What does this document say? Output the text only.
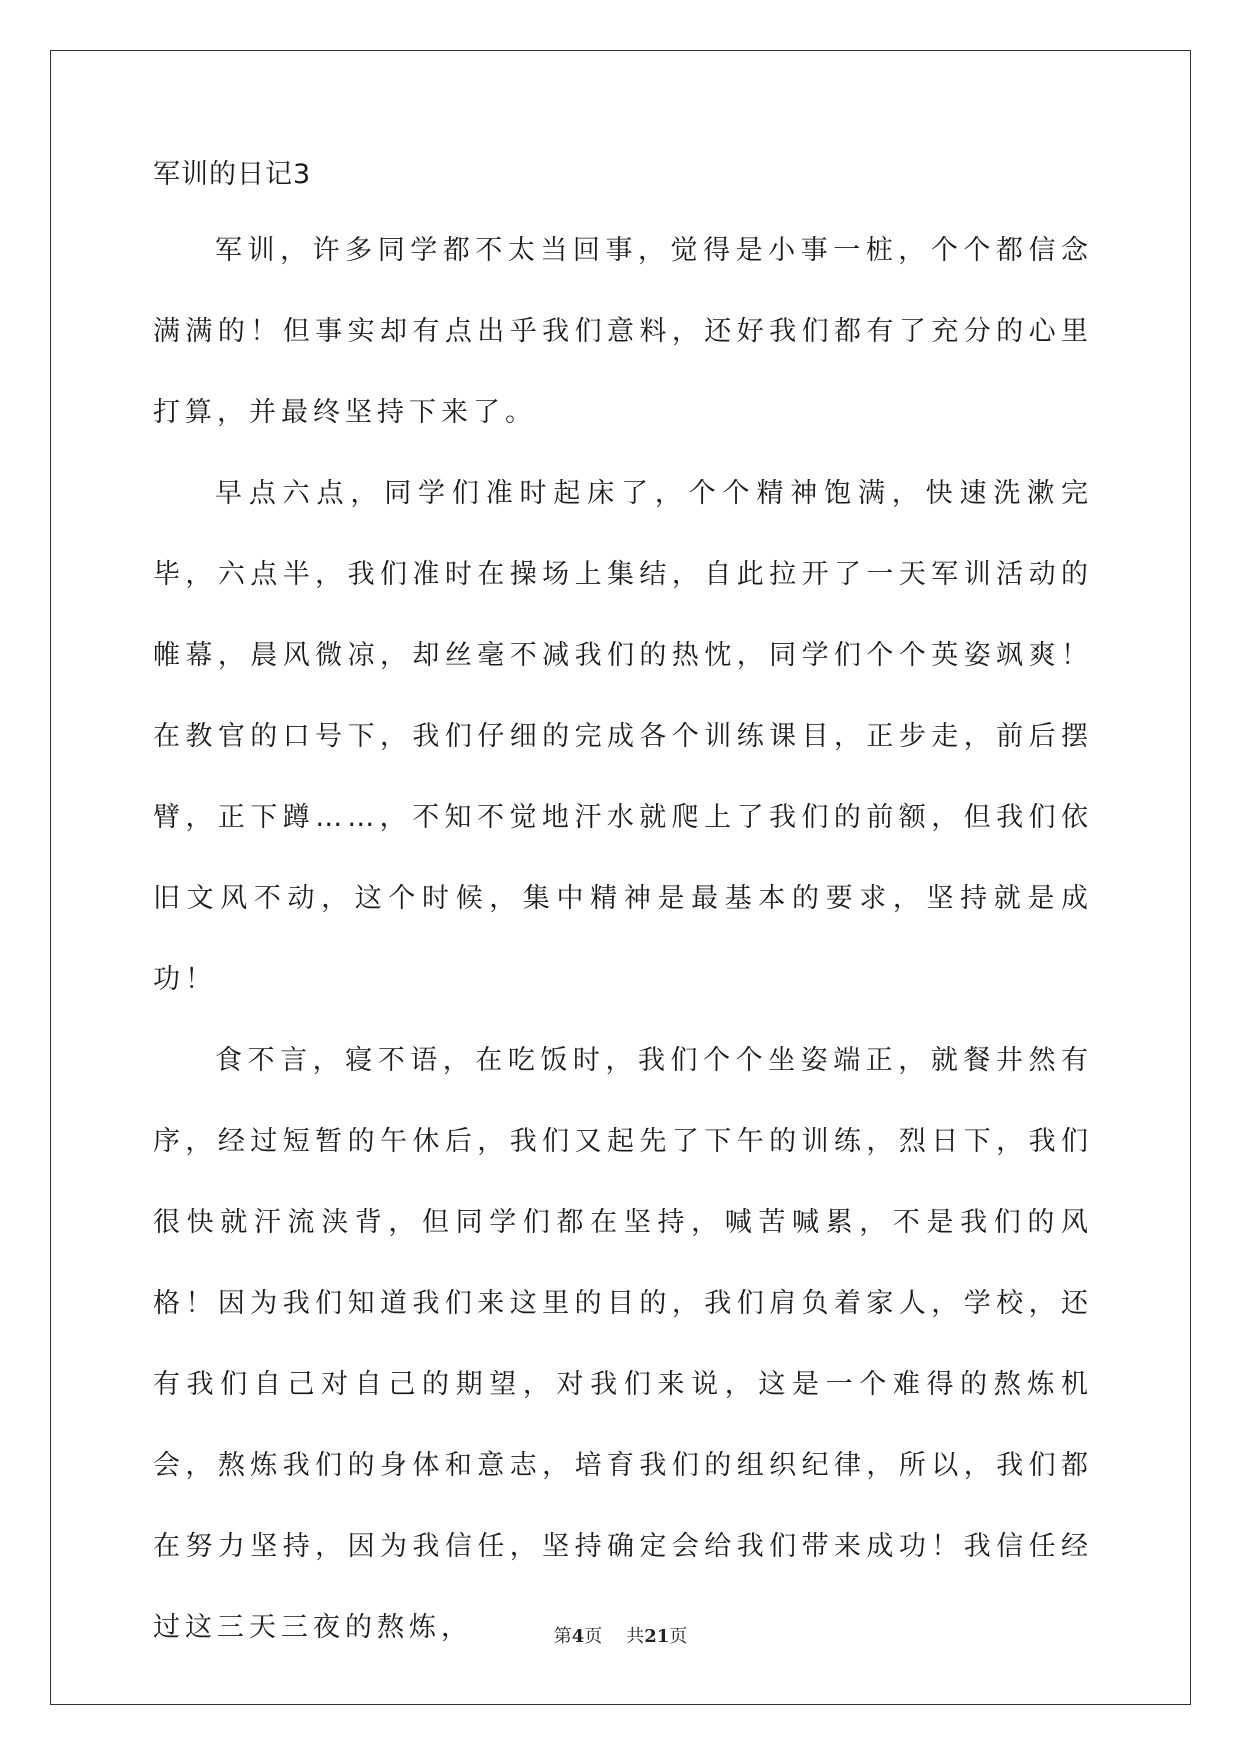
军训的日记3

军训，许多同学都不太当回事，觉得是小事一桩，个个都信念满满的！但事实却有点出乎我们意料，还好我们都有了充分的心里打算，并最终坚持下来了。

早点六点，同学们准时起床了，个个精神饱满，快速洗漱完毕，六点半，我们准时在操场上集结，自此拉开了一天军训活动的帷幕，晨风微凉，却丝毫不减我们的热忱，同学们个个英姿飒爽！在教官的口号下，我们仔细的完成各个训练课目，正步走，前后摆臂，正下蹲……，不知不觉地汗水就爬上了我们的前额，但我们依旧文风不动，这个时候，集中精神是最基本的要求，坚持就是成功！

食不言，寝不语，在吃饭时，我们个个坐姿端正，就餐井然有序，经过短暂的午休后，我们又起先了下午的训练，烈日下，我们很快就汗流浃背，但同学们都在坚持，喊苦喊累，不是我们的风格！因为我们知道我们来这里的目的，我们肩负着家人，学校，还有我们自己对自己的期望，对我们来说，这是一个难得的熬炼机会，熬炼我们的身体和意志，培育我们的组织纪律，所以，我们都在努力坚持，因为我信任，坚持确定会给我们带来成功！我信任经过这三天三夜的熬炼，	第4页 共21页
